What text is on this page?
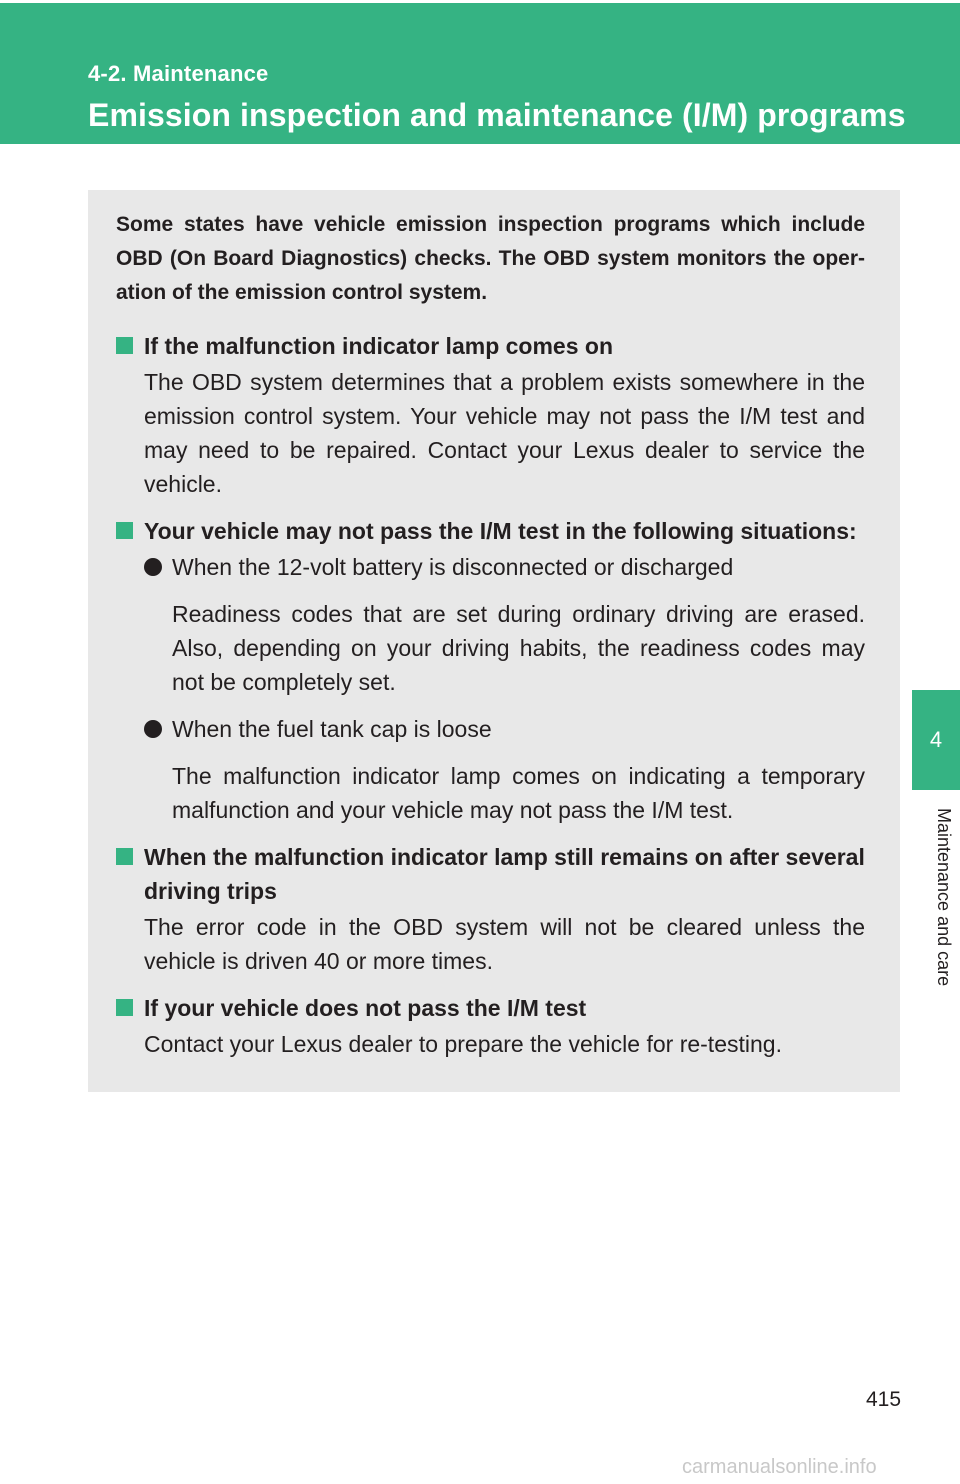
4-2. Maintenance
Emission inspection and maintenance (I/M) programs
4
Maintenance and care

Some states have vehicle emission inspection programs which include OBD (On Board Diagnostics) checks. The OBD system monitors the oper-ation of the emission control system.

If the malfunction indicator lamp comes on

The OBD system determines that a problem exists somewhere in the emission control system. Your vehicle may not pass the I/M test and may need to be repaired. Contact your Lexus dealer to service the vehicle.

Your vehicle may not pass the I/M test in the following situations:
When the 12-volt battery is disconnected or discharged

Readiness codes that are set during ordinary driving are erased. Also, depending on your driving habits, the readiness codes may not be completely set.

When the fuel tank cap is loose

The malfunction indicator lamp comes on indicating a temporary malfunction and your vehicle may not pass the I/M test.

When the malfunction indicator lamp still remains on after several driving trips

The error code in the OBD system will not be cleared unless the vehicle is driven 40 or more times.

If your vehicle does not pass the I/M test

Contact your Lexus dealer to prepare the vehicle for re-testing.

415
carmanualsonline.info
